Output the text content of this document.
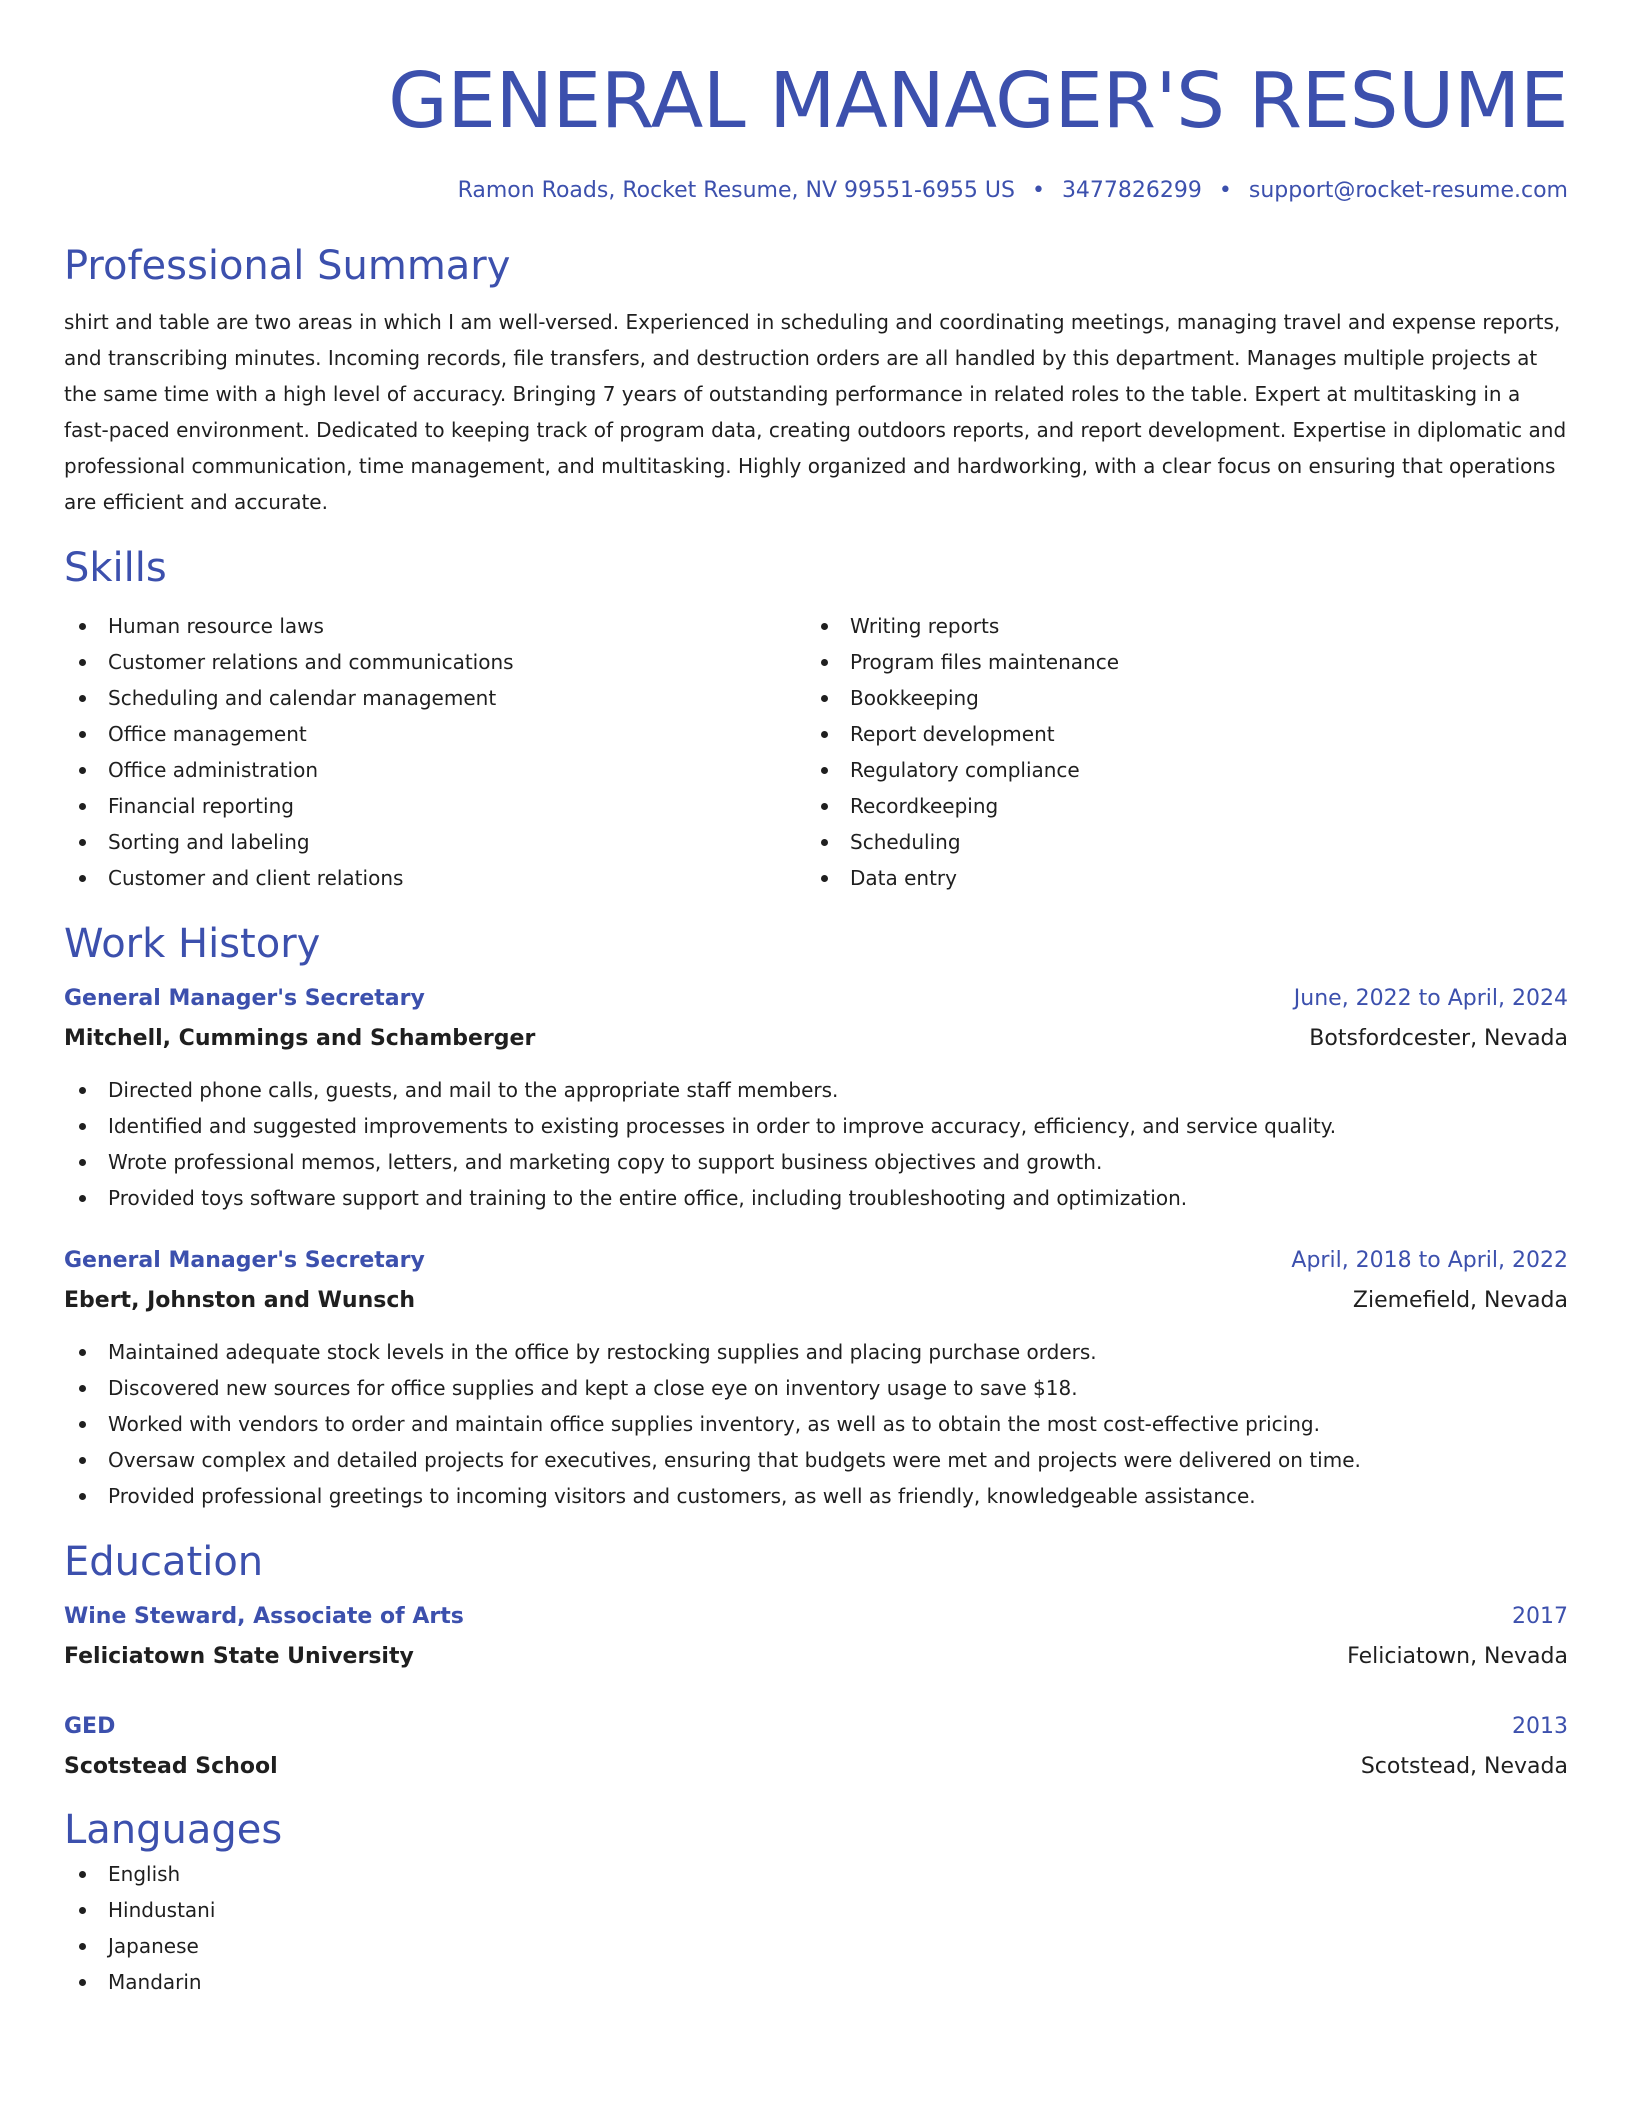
GENERAL MANAGER'S RESUME
Ramon Roads, Rocket Resume, NV 99551-6955 US • 3477826299 • support@rocket-resume.com
Professional Summary

shirt and table are two areas in which I am well-versed. Experienced in scheduling and coordinating meetings, managing travel and expense reports, and transcribing minutes. Incoming records, file transfers, and destruction orders are all handled by this department. Manages multiple projects at the same time with a high level of accuracy. Bringing 7 years of outstanding performance in related roles to the table. Expert at multitasking in a fast-paced environment. Dedicated to keeping track of program data, creating outdoors reports, and report development. Expertise in diplomatic and professional communication, time management, and multitasking. Highly organized and hardworking, with a clear focus on ensuring that operations are efficient and accurate.

Skills
Human resource laws
Customer relations and communications
Scheduling and calendar management
Office management
Office administration
Financial reporting
Sorting and labeling
Customer and client relations
Writing reports
Program files maintenance
Bookkeeping
Report development
Regulatory compliance
Recordkeeping
Scheduling
Data entry
Work History
General Manager's Secretary	June, 2022 to April, 2024
Mitchell, Cummings and Schamberger	Botsfordcester, Nevada
Directed phone calls, guests, and mail to the appropriate staff members.
Identified and suggested improvements to existing processes in order to improve accuracy, efficiency, and service quality.
Wrote professional memos, letters, and marketing copy to support business objectives and growth.
Provided toys software support and training to the entire office, including troubleshooting and optimization.
General Manager's Secretary	April, 2018 to April, 2022
Ebert, Johnston and Wunsch	Ziemefield, Nevada
Maintained adequate stock levels in the office by restocking supplies and placing purchase orders.
Discovered new sources for office supplies and kept a close eye on inventory usage to save $18.
Worked with vendors to order and maintain office supplies inventory, as well as to obtain the most cost-effective pricing.
Oversaw complex and detailed projects for executives, ensuring that budgets were met and projects were delivered on time.
Provided professional greetings to incoming visitors and customers, as well as friendly, knowledgeable assistance.
Education
Wine Steward, Associate of Arts	2017
Feliciatown State University	Feliciatown, Nevada
GED	2013
Scotstead School	Scotstead, Nevada
Languages
English
Hindustani
Japanese
Mandarin
